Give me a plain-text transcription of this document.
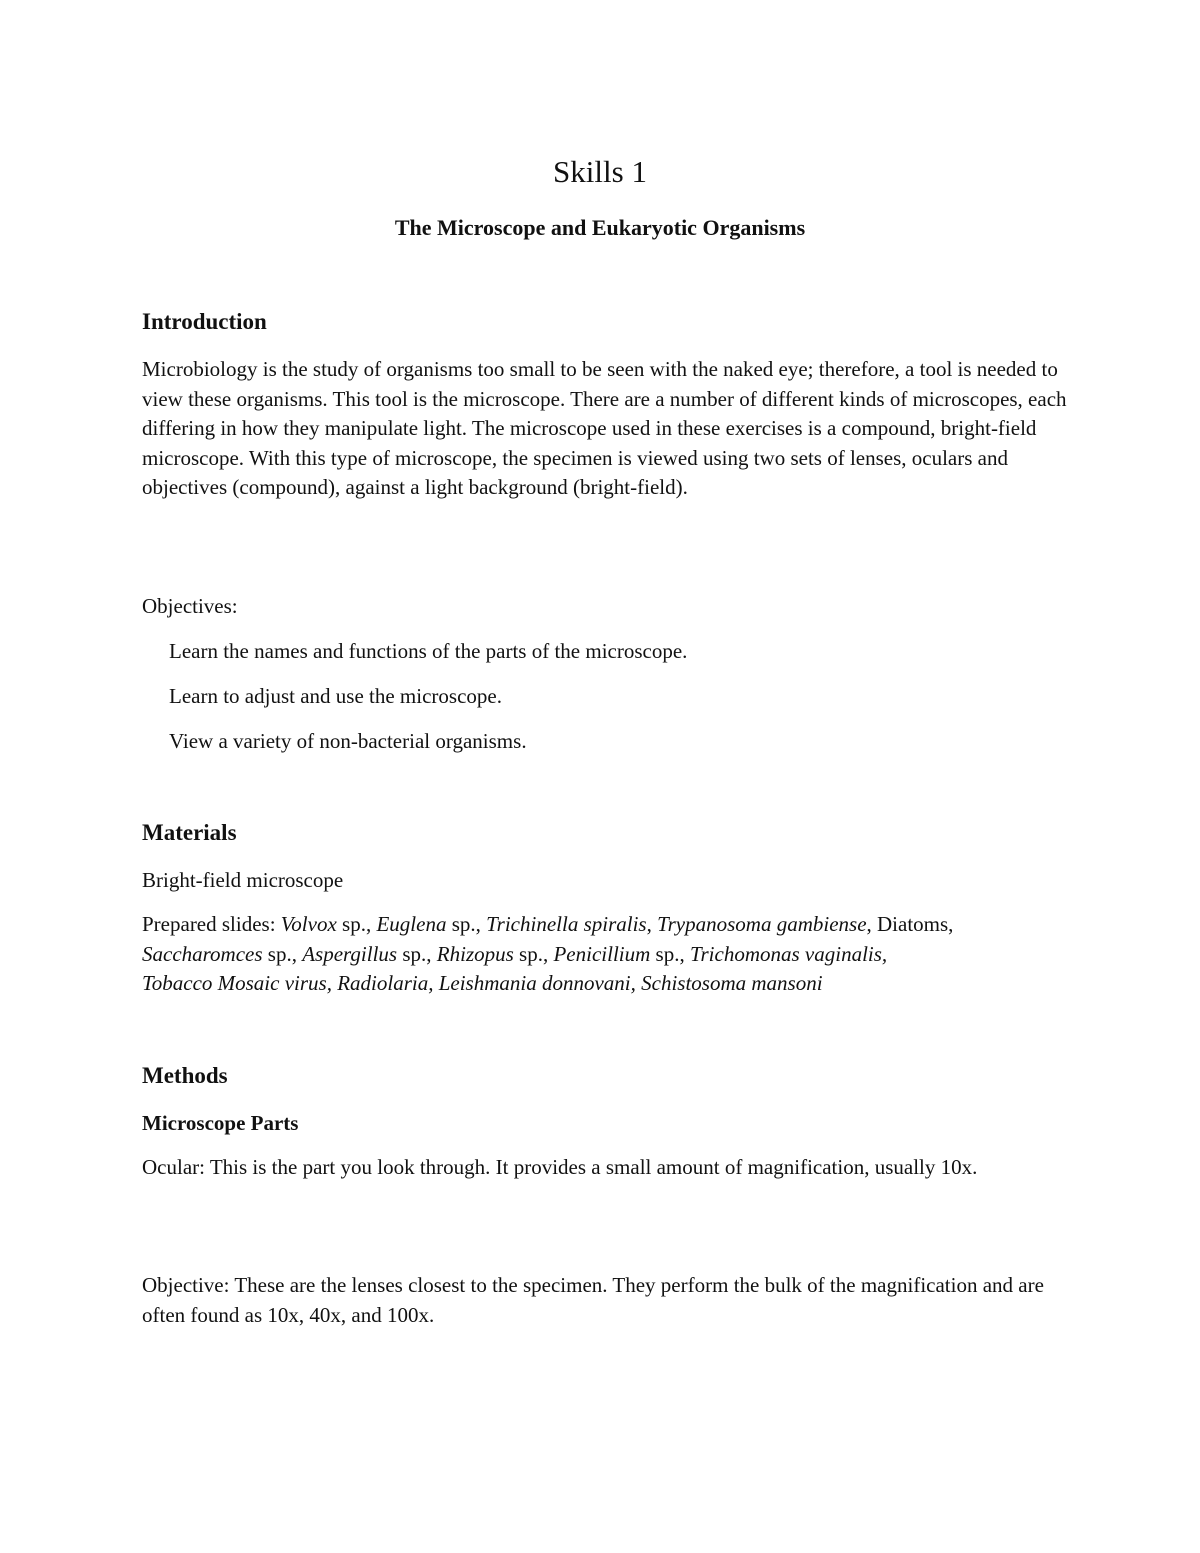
Skills 1
The Microscope and Eukaryotic Organisms
Introduction
Microbiology is the study of organisms too small to be seen with the naked eye; therefore, a tool is needed to view these organisms. This tool is the microscope. There are a number of different kinds of microscopes, each differing in how they manipulate light. The microscope used in these exercises is a compound, bright-field microscope. With this type of microscope, the specimen is viewed using two sets of lenses, oculars and objectives (compound), against a light background (bright-field).
Objectives:
Learn the names and functions of the parts of the microscope.
Learn to adjust and use the microscope.
View a variety of non-bacterial organisms.
Materials
Bright-field microscope
Prepared slides: Volvox sp., Euglena sp., Trichinella spiralis, Trypanosoma gambiense, Diatoms,
Saccharomces sp., Aspergillus sp., Rhizopus sp., Penicillium sp., Trichomonas vaginalis,
Tobacco Mosaic virus, Radiolaria, Leishmania donnovani, Schistosoma mansoni
Methods
Microscope Parts
Ocular: This is the part you look through. It provides a small amount of magnification, usually 10x.
Objective: These are the lenses closest to the specimen. They perform the bulk of the magnification and are often found as 10x, 40x, and 100x.
